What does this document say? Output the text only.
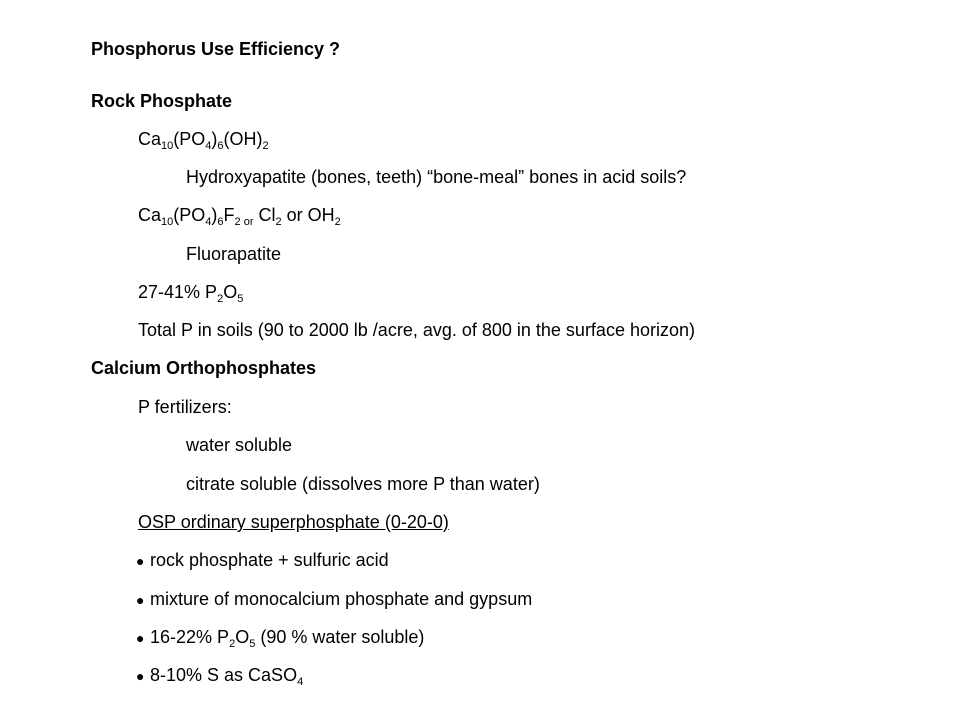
Phosphorus Use Efficiency ?
Rock Phosphate
$Ca_{10}(PO_4)_6(OH)_2$
Hydroxyapatite (bones, teeth) “bone-meal” bones in acid soils?
$Ca_{10}(PO_4)_6F_{2 or}$ $Cl_2$ or $OH_2$
Fluorapatite
27-41% $P_2O_5$
Total P in soils (90 to 2000 lb /acre, avg. of 800 in the surface horizon)
Calcium Orthophosphates
P fertilizers:
water soluble
citrate soluble (dissolves more P than water)
OSP ordinary superphosphate (0-20-0)
● rock phosphate + sulfuric acid
● mixture of monocalcium phosphate and gypsum
● 16-22% $P_2O_5$ (90 % water soluble)
● 8-10% S as CaSO$_4$
